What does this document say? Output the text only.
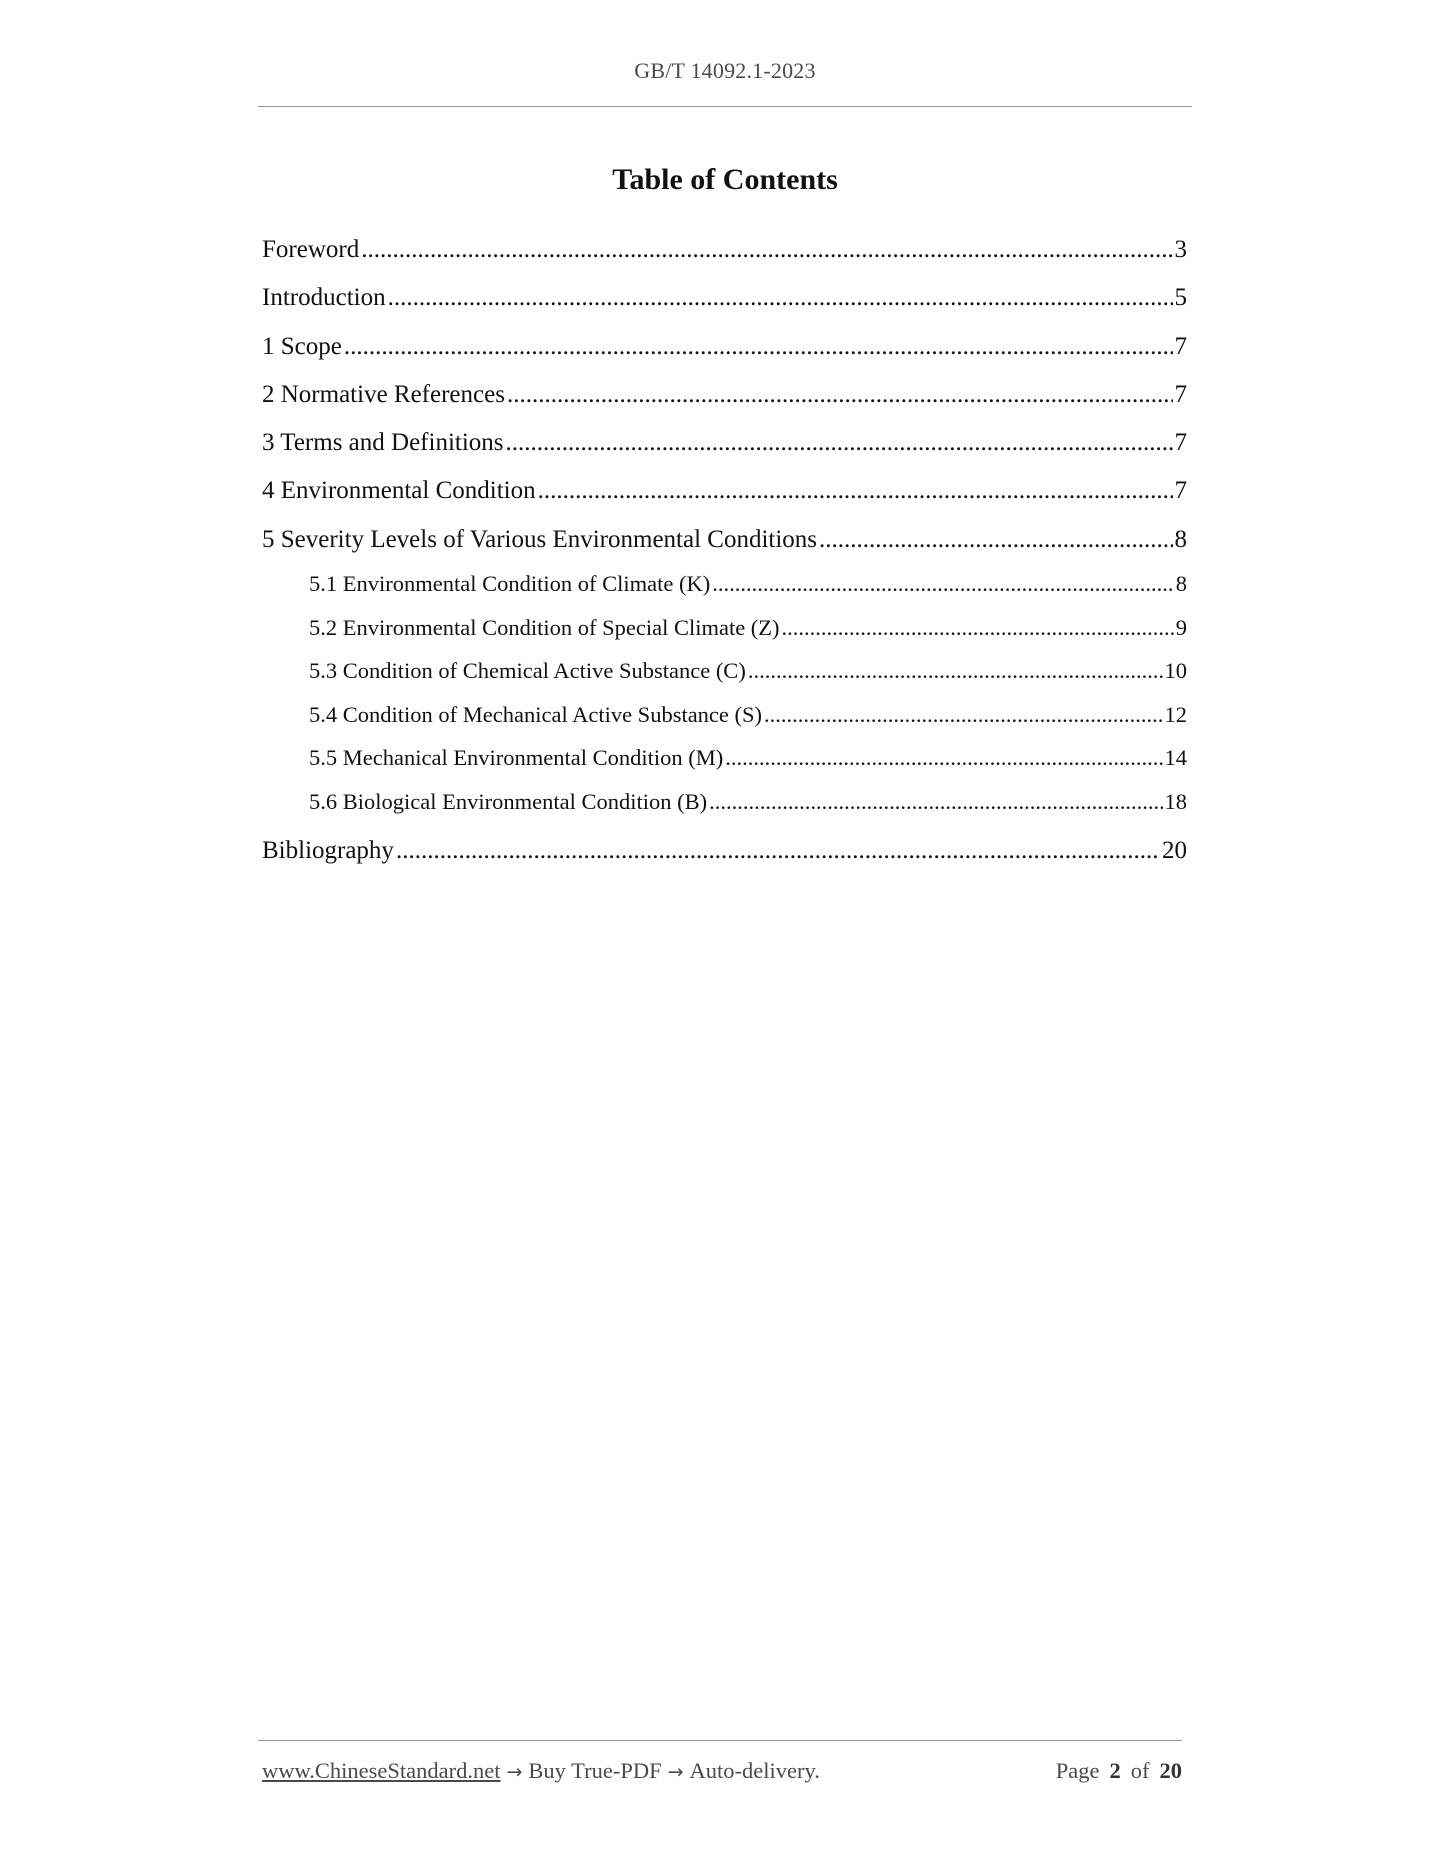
GB/T 14092.1-2023
Table of Contents
Foreword .....	3
Introduction .....	5
1 Scope .....	7
2 Normative References .....	7
3 Terms and Definitions .....	7
4 Environmental Condition .....	7
5 Severity Levels of Various Environmental Conditions .....	8
5.1 Environmental Condition of Climate (K) .....	8
5.2 Environmental Condition of Special Climate (Z) .....	9
5.3 Condition of Chemical Active Substance (C) .....	10
5.4 Condition of Mechanical Active Substance (S) .....	12
5.5 Mechanical Environmental Condition (M) .....	14
5.6 Biological Environmental Condition (B) .....	18
Bibliography .....	20
www.ChineseStandard.net → Buy True-PDF → Auto-delivery.	Page 2 of 20
